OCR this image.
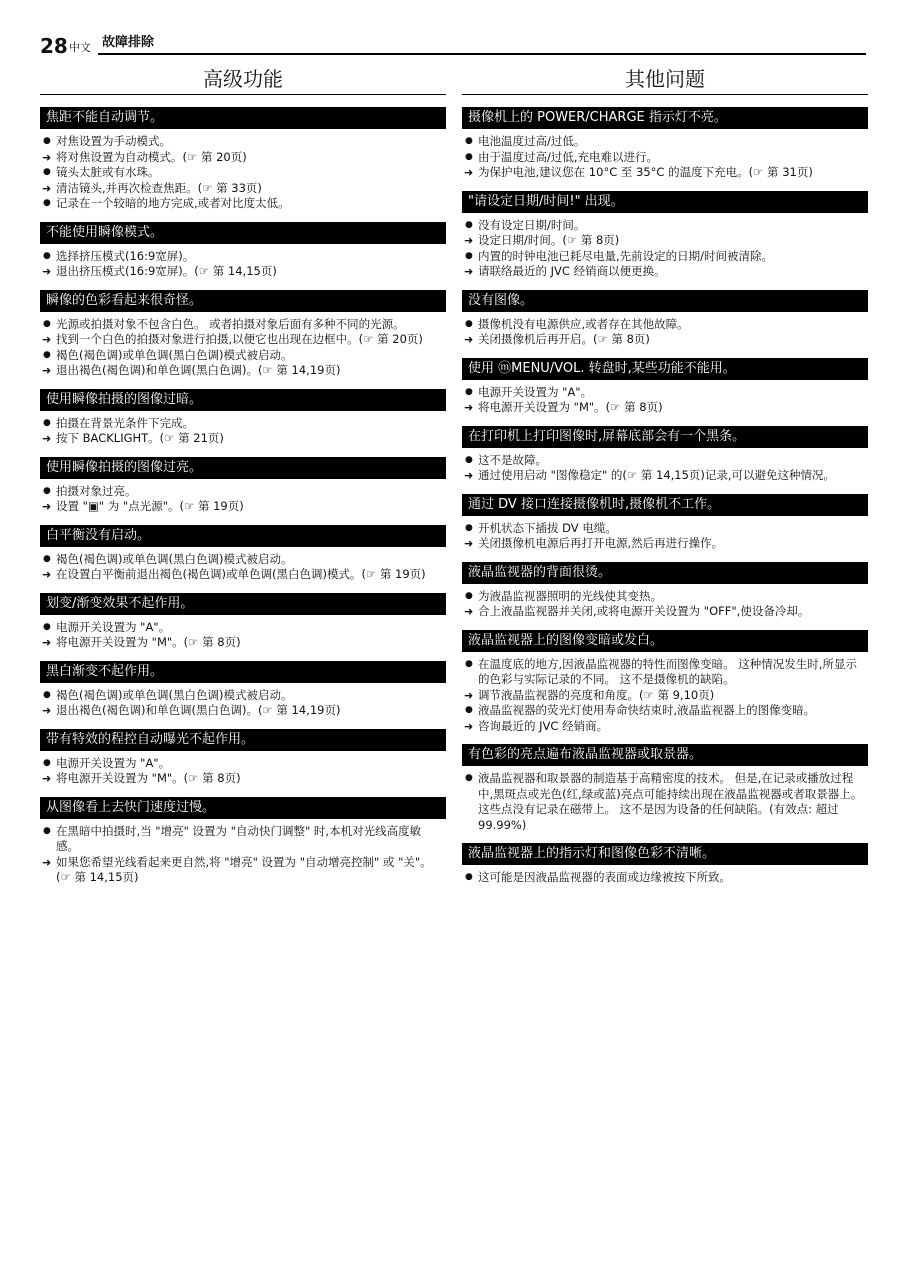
28 中文 故障排除
高级功能
焦距不能自动调节。
● 对焦设置为手动模式。
➜ 将对焦设置为自动模式。(☞ 第 20页)
● 镜头太脏或有水珠。
➜ 清洁镜头,并再次检查焦距。(☞ 第 33页)
● 记录在一个较暗的地方完成,或者对比度太低。
不能使用瞬像模式。
● 选择挤压模式(16:9宽屏)。
➜ 退出挤压模式(16:9宽屏)。(☞ 第 14,15页)
瞬像的色彩看起来很奇怪。
● 光源或拍摄对象不包含白色。 或者拍摄对象后面有多种不同的光源。
➜ 找到一个白色的拍摄对象进行拍摄,以便它也出现在边框中。(☞ 第 20页)
● 褐色(褐色调)或单色调(黑白色调)模式被启动。
➜ 退出褐色(褐色调)和单色调(黑白色调)。(☞ 第 14,19页)
使用瞬像拍摄的图像过暗。
● 拍摄在背景光条件下完成。
➜ 按下 BACKLIGHT。(☞ 第 21页)
使用瞬像拍摄的图像过亮。
● 拍摄对象过亮。
➜ 设置 "▣" 为 "点光源"。(☞ 第 19页)
白平衡没有启动。
● 褐色(褐色调)或单色调(黑白色调)模式被启动。
➜ 在设置白平衡前退出褐色(褐色调)或单色调(黑白色调)模式。(☞ 第 19页)
划变/渐变效果不起作用。
● 电源开关设置为 "A"。
➜ 将电源开关设置为 "M"。(☞ 第 8页)
黑白渐变不起作用。
● 褐色(褐色调)或单色调(黑白色调)模式被启动。
➜ 退出褐色(褐色调)和单色调(黑白色调)。(☞ 第 14,19页)
带有特效的程控自动曝光不起作用。
● 电源开关设置为 "A"。
➜ 将电源开关设置为 "M"。(☞ 第 8页)
从图像看上去快门速度过慢。
● 在黑暗中拍摄时,当 "增亮" 设置为 "自动快门调整" 时,本机对光线高度敏感。
➜ 如果您希望光线看起来更自然,将 "增亮" 设置为 "自动增亮控制" 或 "关"。(☞ 第 14,15页)
其他问题
摄像机上的 POWER/CHARGE 指示灯不亮。
● 电池温度过高/过低。
● 由于温度过高/过低,充电难以进行。
➜ 为保护电池,建议您在 10°C 至 35°C 的温度下充电。(☞ 第 31页)
"请设定日期/时间!" 出现。
● 没有设定日期/时间。
➜ 设定日期/时间。(☞ 第 8页)
● 内置的时钟电池已耗尽电量,先前设定的日期/时间被清除。
➜ 请联络最近的 JVC 经销商以便更换。
没有图像。
● 摄像机没有电源供应,或者存在其他故障。
➜ 关闭摄像机后再开启。(☞ 第 8页)
使用 ⓜMENU/VOL. 转盘时,某些功能不能用。
● 电源开关设置为 "A"。
➜ 将电源开关设置为 "M"。(☞ 第 8页)
在打印机上打印图像时,屏幕底部会有一个黑条。
● 这不是故障。
➜ 通过使用启动 "图像稳定" 的(☞ 第 14,15页)记录,可以避免这种情况。
通过 DV 接口连接摄像机时,摄像机不工作。
● 开机状态下插拔 DV 电缆。
➜ 关闭摄像机电源后再打开电源,然后再进行操作。
液晶监视器的背面很烫。
● 为液晶监视器照明的光线使其变热。
➜ 合上液晶监视器并关闭,或将电源开关设置为 "OFF",使设备冷却。
液晶监视器上的图像变暗或发白。
● 在温度底的地方,因液晶监视器的特性而图像变暗。 这种情况发生时,所显示的色彩与实际记录的不同。 这不是摄像机的缺陷。
➜ 调节液晶监视器的亮度和角度。(☞ 第 9,10页)
● 液晶监视器的荧光灯使用寿命快结束时,液晶监视器上的图像变暗。
➜ 咨询最近的 JVC 经销商。
有色彩的亮点遍布液晶监视器或取景器。
● 液晶监视器和取景器的制造基于高精密度的技术。 但是,在记录或播放过程中,黑斑点或光色(红,绿或蓝)亮点可能持续出现在液晶监视器或者取景器上。 这些点没有记录在磁带上。 这不是因为设备的任何缺陷。(有效点: 超过 99.99%)
液晶监视器上的指示灯和图像色彩不清晰。
● 这可能是因液晶监视器的表面或边缘被按下所致。
